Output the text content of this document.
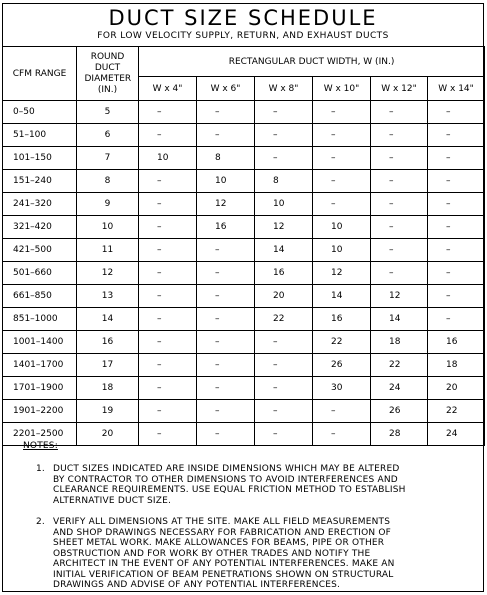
DUCT SIZE SCHEDULE
FOR LOW VELOCITY SUPPLY, RETURN, AND EXHAUST DUCTS
CFM RANGE	ROUND DUCT DIAMETER (IN.)	RECTANGULAR DUCT WIDTH, W (IN.)					
		W x 4"	W x 6"	W x 8"	W x 10"	W x 12"	W x 14"
0–50	5	–	–	–	–	–	–
51–100	6	–	–	–	–	–	–
101–150	7	10	8	–	–	–	–
151–240	8	–	10	8	–	–	–
241–320	9	–	12	10	–	–	–
321–420	10	–	16	12	10	–	–
421–500	11	–	–	14	10	–	–
501–660	12	–	–	16	12	–	–
661–850	13	–	–	20	14	12	–
851–1000	14	–	–	22	16	14	–
1001–1400	16	–	–	–	22	18	16
1401–1700	17	–	–	–	26	22	18
1701–1900	18	–	–	–	30	24	20
1901–2200	19	–	–	–	–	26	22
2201–2500	20	–	–	–	–	28	24
NOTES:
1. DUCT SIZES INDICATED ARE INSIDE DIMENSIONS WHICH MAY BE ALTERED
BY CONTRACTOR TO OTHER DIMENSIONS TO AVOID INTERFERENCES AND
CLEARANCE REQUIREMENTS. USE EQUAL FRICTION METHOD TO ESTABLISH
ALTERNATIVE DUCT SIZE.
2. VERIFY ALL DIMENSIONS AT THE SITE. MAKE ALL FIELD MEASUREMENTS
AND SHOP DRAWINGS NECESSARY FOR FABRICATION AND ERECTION OF
SHEET METAL WORK. MAKE ALLOWANCES FOR BEAMS, PIPE OR OTHER
OBSTRUCTION AND FOR WORK BY OTHER TRADES AND NOTIFY THE
ARCHITECT IN THE EVENT OF ANY POTENTIAL INTERFERENCES. MAKE AN
INITIAL VERIFICATION OF BEAM PENETRATIONS SHOWN ON STRUCTURAL
DRAWINGS AND ADVISE OF ANY POTENTIAL INTERFERENCES.
